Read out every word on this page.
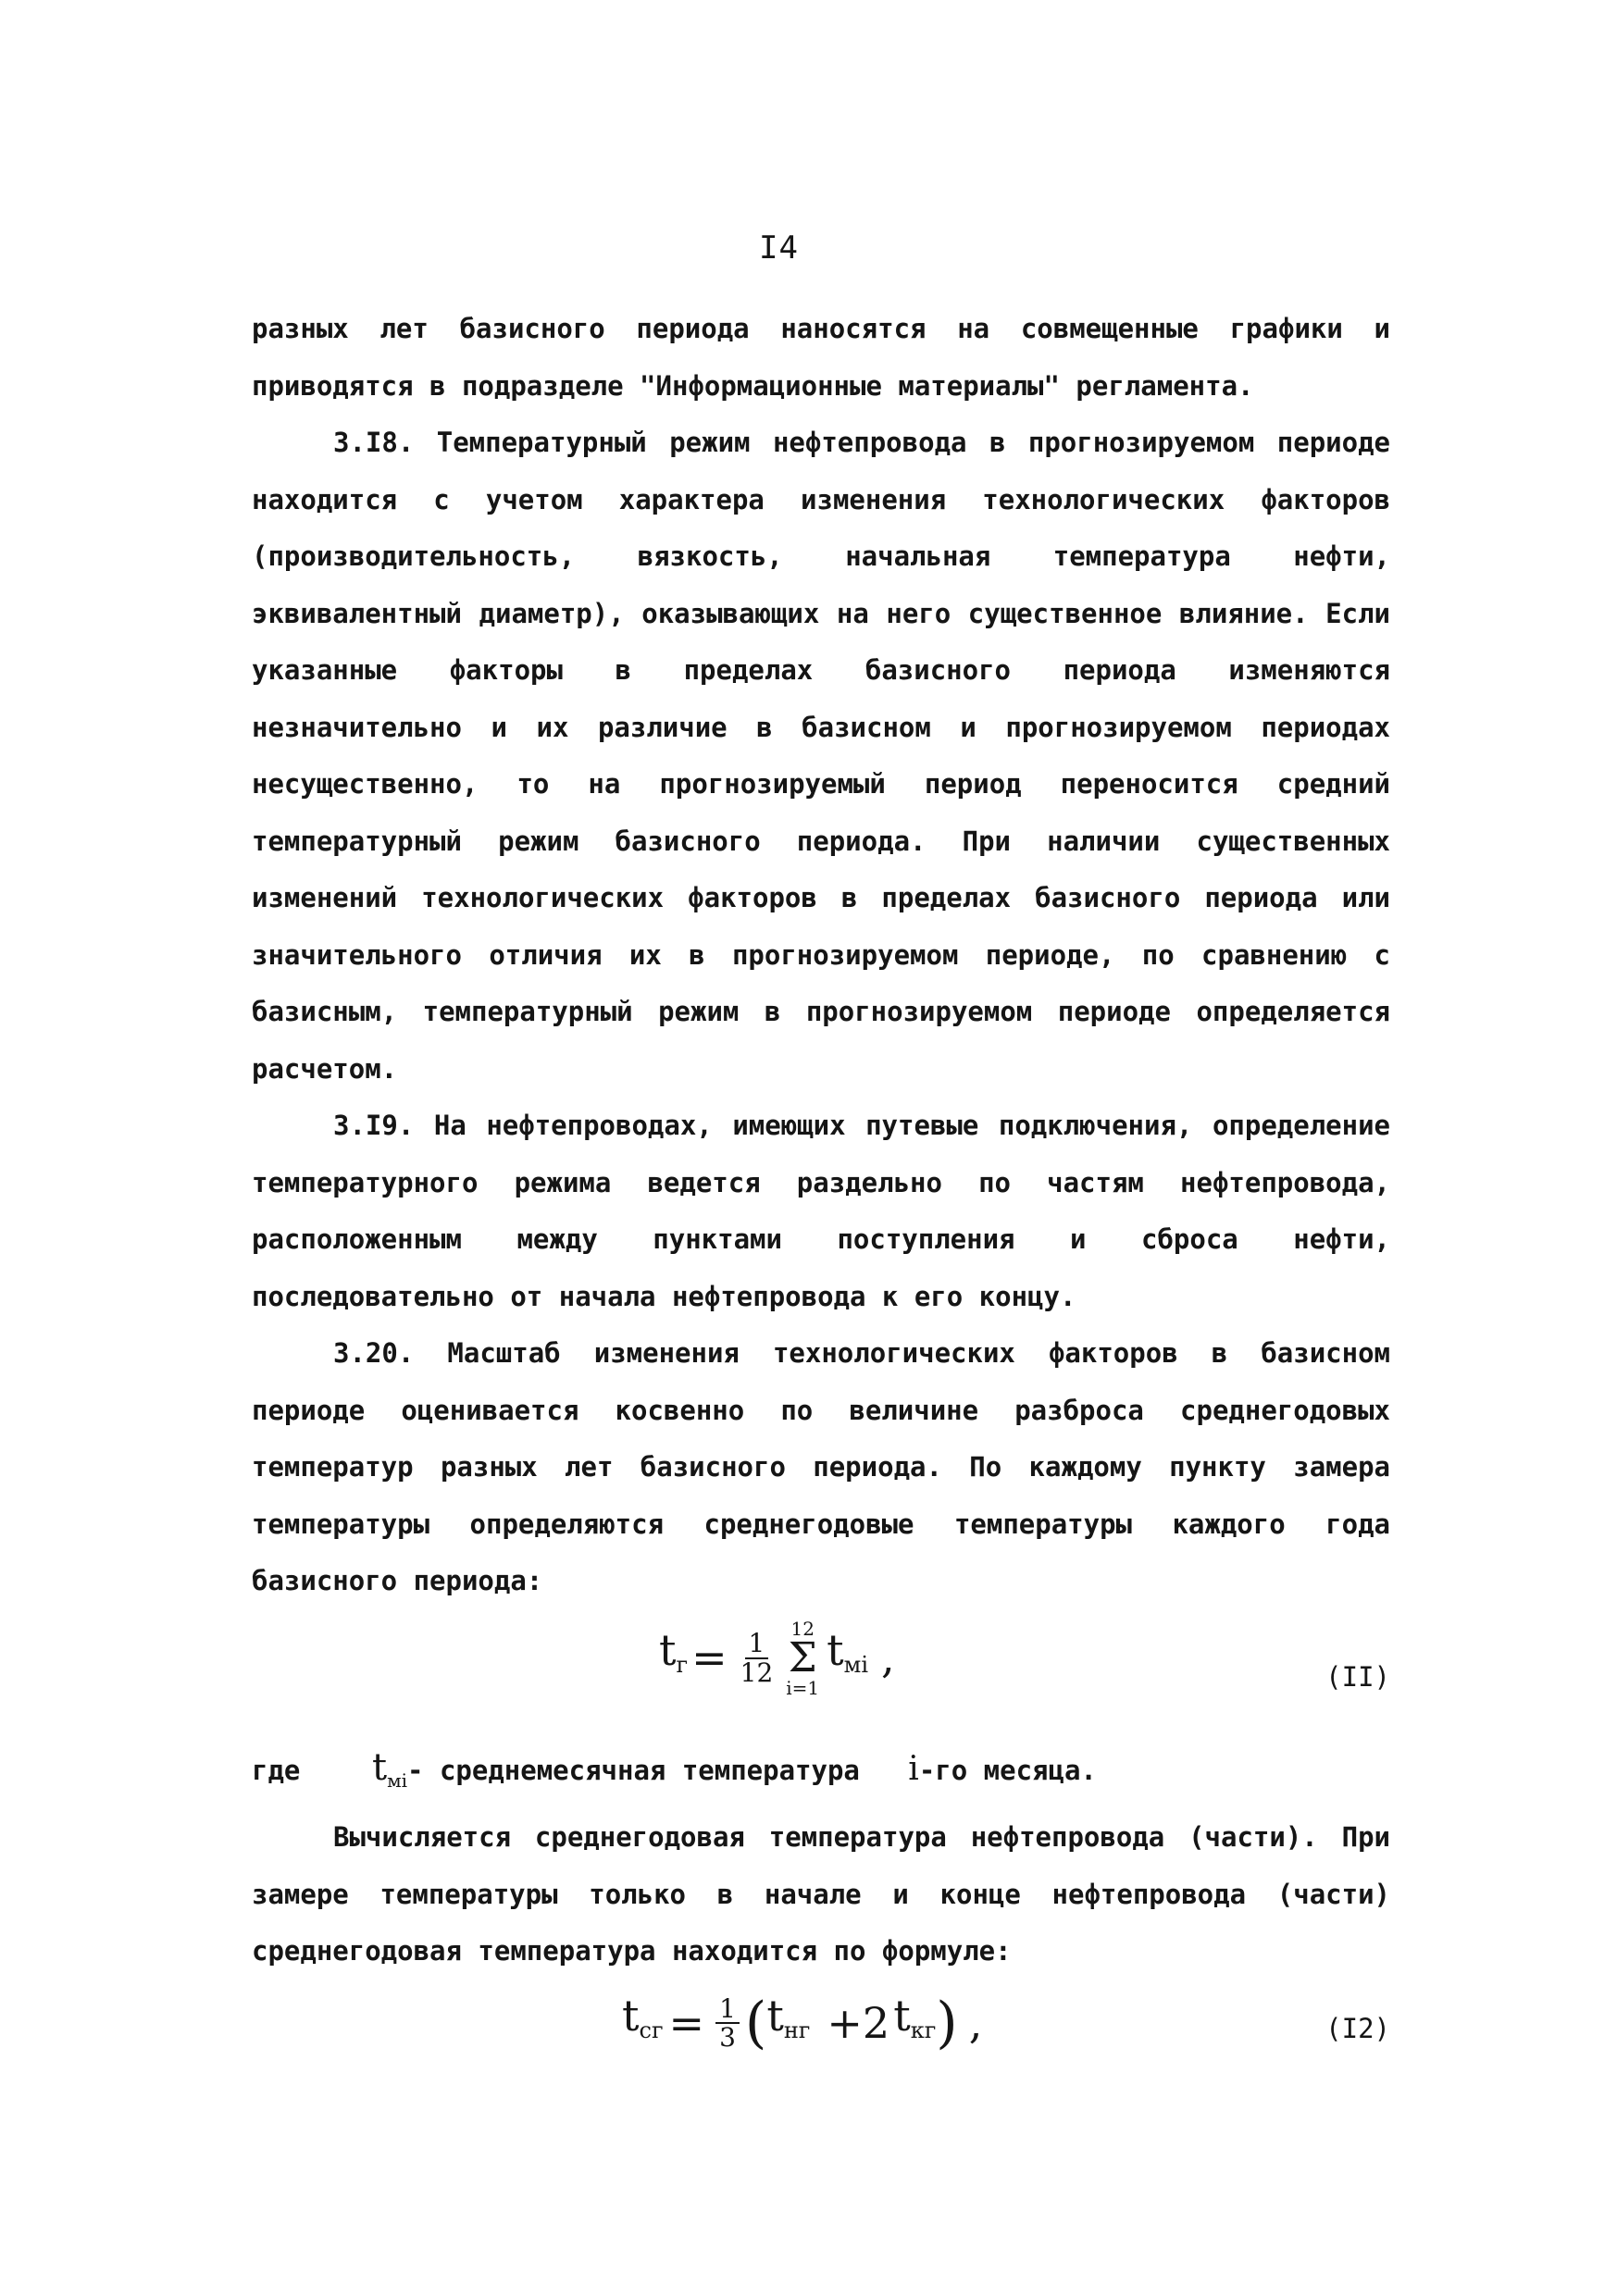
I4

разных лет базисного периода наносятся на совмещенные графики и приводятся в подразделе "Информационные материалы" регламента.

3.I8. Температурный режим нефтепровода в прогнозируемом периоде находится с учетом характера изменения технологических факторов (производительность, вязкость, начальная температура нефти, эквивалентный диаметр), оказывающих на него существенное влияние. Если указанные факторы в пределах базисного периода изменяются незначительно и их различие в базисном и прогнозируемом периодах несущественно, то на прогнозируемый период переносится средний температурный режим базисного периода. При наличии существенных изменений технологических факторов в пределах базисного периода или значительного отличия их в прогнозируемом периоде, по сравнению с базисным, температурный режим в прогнозируемом периоде определяется расчетом.

3.I9. На нефтепроводах, имеющих путевые подключения, определение температурного режима ведется раздельно по частям нефтепровода, расположенным между пунктами поступления и сброса нефти, последовательно от начала нефтепровода к его концу.

3.20. Масштаб изменения технологических факторов в базисном периоде оценивается косвенно по величине разброса среднегодовых температур разных лет базисного периода. По каждому пункту замера температуры определяются среднегодовые температуры каждого года базисного периода:

$t_г = \frac{1}{12}$
12
Σ
i=1
$t_{мi}$ ,	(II)

где $t_{мi}-$ среднемесячная температура i-го месяца.

Вычисляется среднегодовая температура нефтепровода (части). При замере температуры только в начале и конце нефтепровода (части) среднегодовая температура находится по формуле:

$t_{сг} = \frac{1}{3}$ ( $t_{нг} +2$ $t_{кг}$ ) ,	(I2)
